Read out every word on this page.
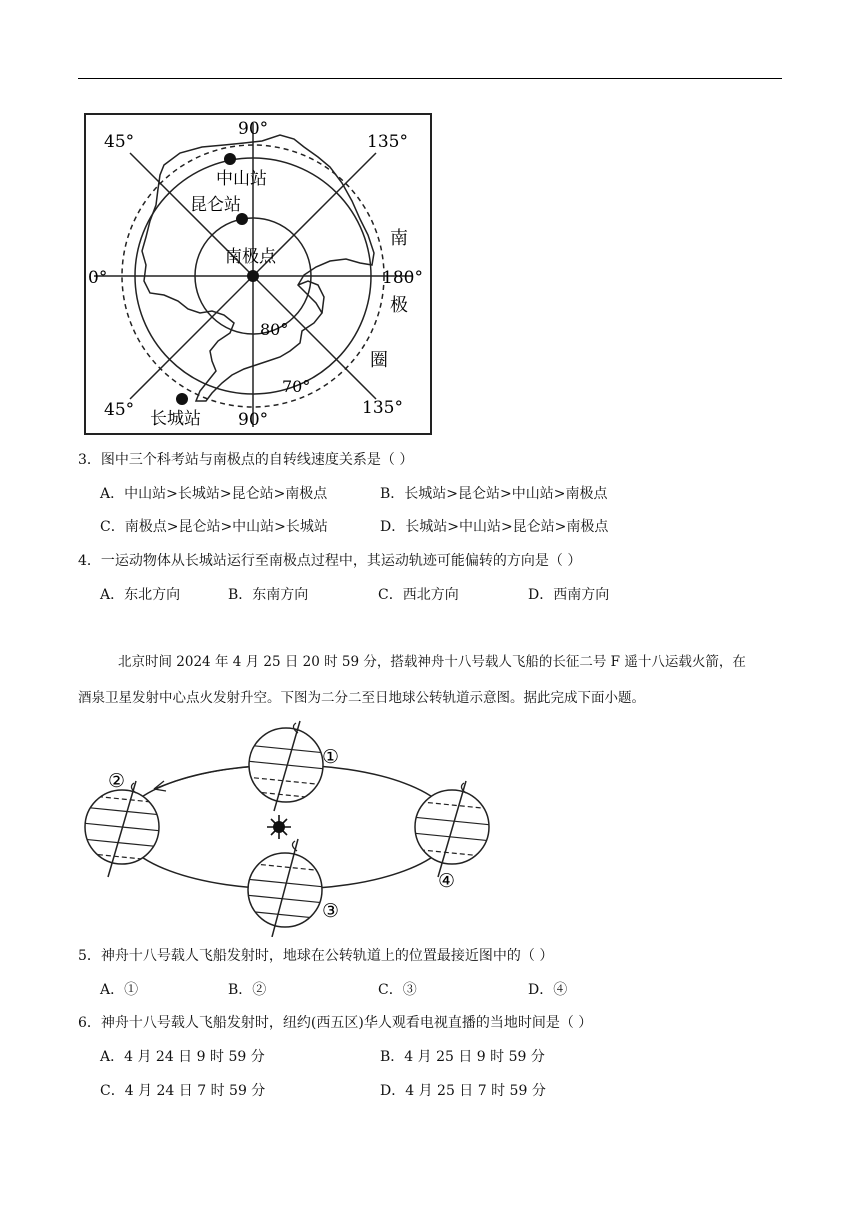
90°
45°	135°
中山站
昆仑站
南极点
0°	180°
南
极
圈
80°
70°
45° 长城站 90°
135°
3．图中三个科考站与南极点的自转线速度关系是（ ）
A．中山站>长城站>昆仑站>南极点	B．长城站>昆仑站>中山站>南极点
C．南极点>昆仑站>中山站>长城站	D．长城站>中山站>昆仑站>南极点
4．一运动物体从长城站运行至南极点过程中，其运动轨迹可能偏转的方向是（ ）
A．东北方向	B．东南方向	C．西北方向	D．西南方向
北京时间 2024 年 4 月 25 日 20 时 59 分，搭载神舟十八号载人飞船的长征二号 F 遥十八运载火箭，在
酒泉卫星发射中心点火发射升空。下图为二分二至日地球公转轨道示意图。据此完成下面小题。
①
②
③
④
5．神舟十八号载人飞船发射时，地球在公转轨道上的位置最接近图中的（ ）
A．①	B．②	C．③	D．④
6．神舟十八号载人飞船发射时，纽约(西五区)华人观看电视直播的当地时间是（ ）
A．4 月 24 日 9 时 59 分	B．4 月 25 日 9 时 59 分
C．4 月 24 日 7 时 59 分	D．4 月 25 日 7 时 59 分
